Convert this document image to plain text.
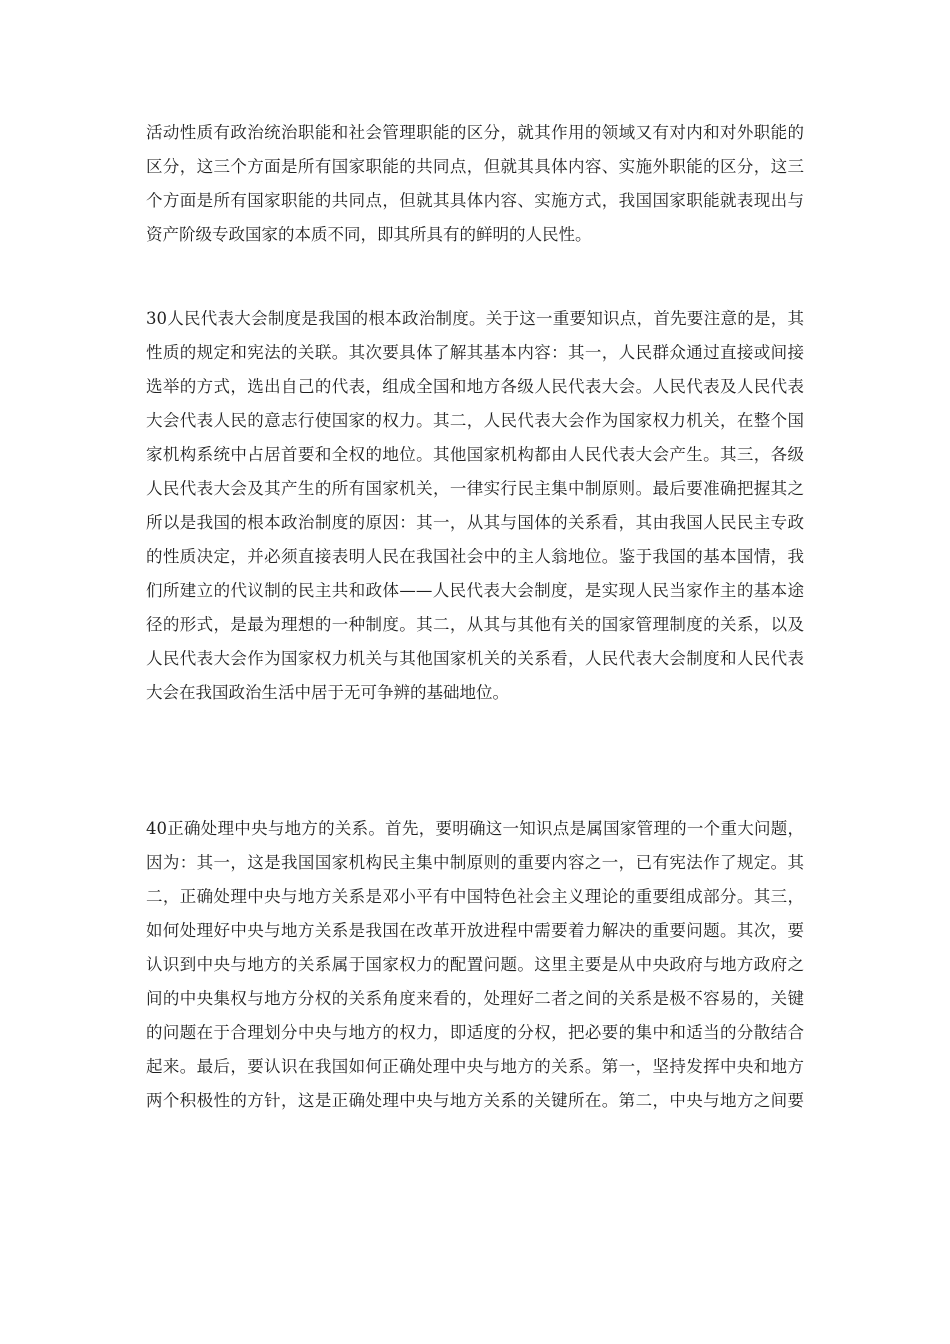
活动性质有政治统治职能和社会管理职能的区分，就其作用的领域又有对内和对外职能的
区分，这三个方面是所有国家职能的共同点，但就其具体内容、实施外职能的区分，这三
个方面是所有国家职能的共同点，但就其具体内容、实施方式，我国国家职能就表现出与
资产阶级专政国家的本质不同，即其所具有的鲜明的人民性。
30人民代表大会制度是我国的根本政治制度。关于这一重要知识点，首先要注意的是，其
性质的规定和宪法的关联。其次要具体了解其基本内容：其一，人民群众通过直接或间接
选举的方式，选出自己的代表，组成全国和地方各级人民代表大会。人民代表及人民代表
大会代表人民的意志行使国家的权力。其二，人民代表大会作为国家权力机关，在整个国
家机构系统中占居首要和全权的地位。其他国家机构都由人民代表大会产生。其三，各级
人民代表大会及其产生的所有国家机关，一律实行民主集中制原则。最后要准确把握其之
所以是我国的根本政治制度的原因：其一，从其与国体的关系看，其由我国人民民主专政
的性质决定，并必须直接表明人民在我国社会中的主人翁地位。鉴于我国的基本国情，我
们所建立的代议制的民主共和政体——人民代表大会制度，是实现人民当家作主的基本途
径的形式，是最为理想的一种制度。其二，从其与其他有关的国家管理制度的关系，以及
人民代表大会作为国家权力机关与其他国家机关的关系看，人民代表大会制度和人民代表
大会在我国政治生活中居于无可争辨的基础地位。
40正确处理中央与地方的关系。首先，要明确这一知识点是属国家管理的一个重大问题，
因为：其一，这是我国国家机构民主集中制原则的重要内容之一，已有宪法作了规定。其
二，正确处理中央与地方关系是邓小平有中国特色社会主义理论的重要组成部分。其三，
如何处理好中央与地方关系是我国在改革开放进程中需要着力解决的重要问题。其次，要
认识到中央与地方的关系属于国家权力的配置问题。这里主要是从中央政府与地方政府之
间的中央集权与地方分权的关系角度来看的，处理好二者之间的关系是极不容易的，关键
的问题在于合理划分中央与地方的权力，即适度的分权，把必要的集中和适当的分散结合
起来。最后，要认识在我国如何正确处理中央与地方的关系。第一，坚持发挥中央和地方
两个积极性的方针，这是正确处理中央与地方关系的关键所在。第二，中央与地方之间要
